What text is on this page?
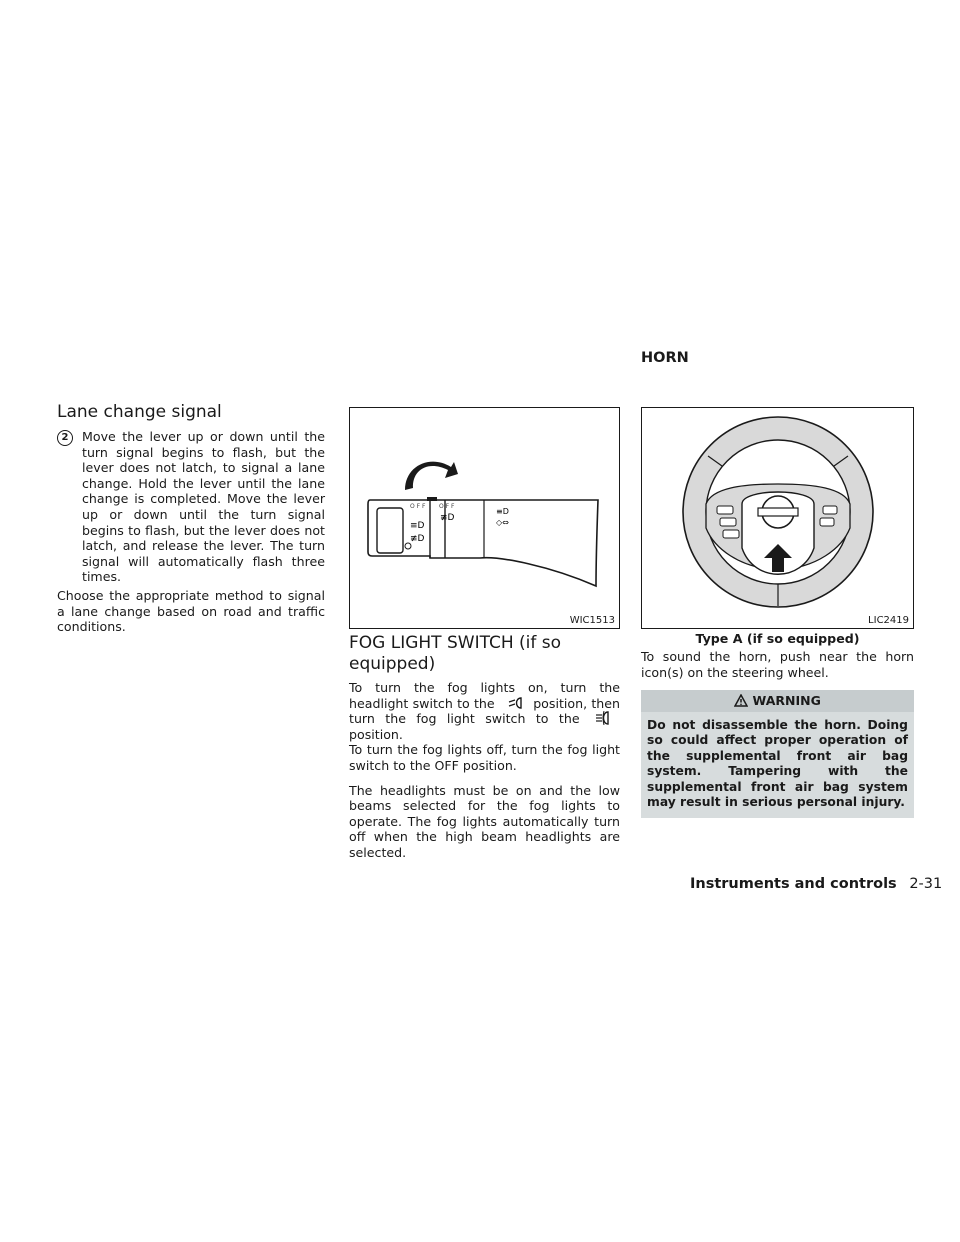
HORN
Lane change signal
2	Move the lever up or down until the turn signal begins to flash, but the lever does not latch, to signal a lane change. Hold the lever until the lane change is completed. Move the lever up or down until the turn signal begins to flash, but the lever does not latch, and release the lever. The turn signal will automatically flash three times.

Choose the appropriate method to signal a lane change based on road and traffic conditions.

O F F O F F
≡D
≢D
≢D
≡D
◇⇔
WIC1513
FOG LIGHT SWITCH (if so equipped)

To turn the fog lights on, turn the headlight switch to the	position, then turn the fog light switch to the  position.

To turn the fog lights off, turn the fog light switch to the OFF position.

The headlights must be on and the low beams selected for the fog lights to operate. The fog lights automatically turn off when the high beam headlights are selected.

LIC2419
Type A (if so equipped)

To sound the horn, push near the horn icon(s) on the steering wheel.

WARNING
Do not disassemble the horn. Doing so could affect proper operation of the supplemental front air bag system. Tampering with the supplemental front air bag system may result in serious personal injury.
Instruments and controls 2-31
